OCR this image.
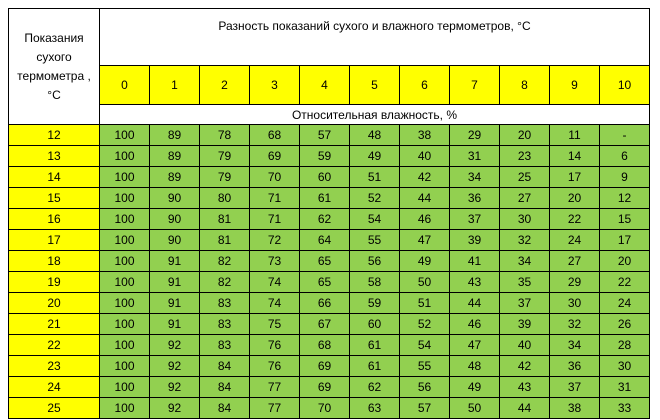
Показания сухого термометра , °С	Разность показаний сухого и влажного термометров, °С										
	0	1	2	3	4	5	6	7	8	9	10
	Относительная влажность, %										
12	100	89	78	68	57	48	38	29	20	11	-
13	100	89	79	69	59	49	40	31	23	14	6
14	100	89	79	70	60	51	42	34	25	17	9
15	100	90	80	71	61	52	44	36	27	20	12
16	100	90	81	71	62	54	46	37	30	22	15
17	100	90	81	72	64	55	47	39	32	24	17
18	100	91	82	73	65	56	49	41	34	27	20
19	100	91	82	74	65	58	50	43	35	29	22
20	100	91	83	74	66	59	51	44	37	30	24
21	100	91	83	75	67	60	52	46	39	32	26
22	100	92	83	76	68	61	54	47	40	34	28
23	100	92	84	76	69	61	55	48	42	36	30
24	100	92	84	77	69	62	56	49	43	37	31
25	100	92	84	77	70	63	57	50	44	38	33
